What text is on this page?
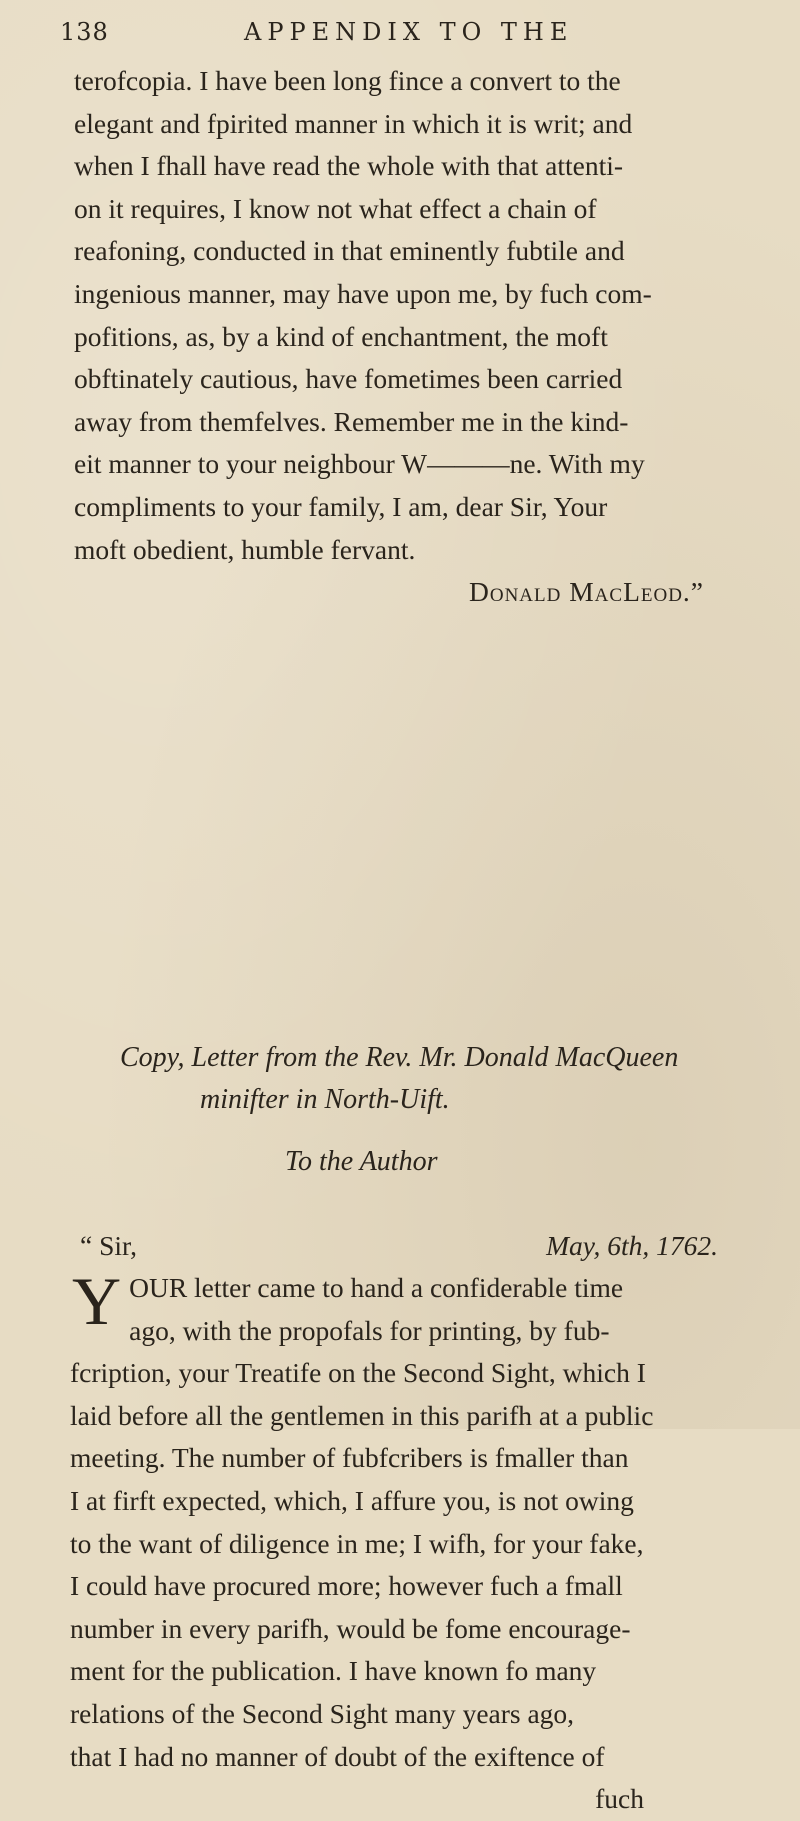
138	APPENDIX TO THE
terofcopia. I have been long fince a convert to the
elegant and fpirited manner in which it is writ; and
when I fhall have read the whole with that attenti-
on it requires, I know not what effect a chain of
reafoning, conducted in that eminently fubtile and
ingenious manner, may have upon me, by fuch com-
pofitions, as, by a kind of enchantment, the moft
obftinately cautious, have fometimes been carried
away from themfelves. Remember me in the kind-
eit manner to your neighbour W———ne. With my
compliments to your family, I am, dear Sir, Your
moft obedient, humble fervant.
Donald MacLeod.”
Copy, Letter from the Rev. Mr. Donald MacQueen
minifter in North-Uift.
To the Author
“ Sir,	May, 6th, 1762.
Y OUR letter came to hand a confiderable time
ago, with the propofals for printing, by fub-
fcription, your Treatife on the Second Sight, which I
laid before all the gentlemen in this parifh at a public
meeting. The number of fubfcribers is fmaller than
I at firft expected, which, I affure you, is not owing
to the want of diligence in me; I wifh, for your fake,
I could have procured more; however fuch a fmall
number in every parifh, would be fome encourage-
ment for the publication. I have known fo many
relations of the Second Sight many years ago,
that I had no manner of doubt of the exiftence of
fuch
